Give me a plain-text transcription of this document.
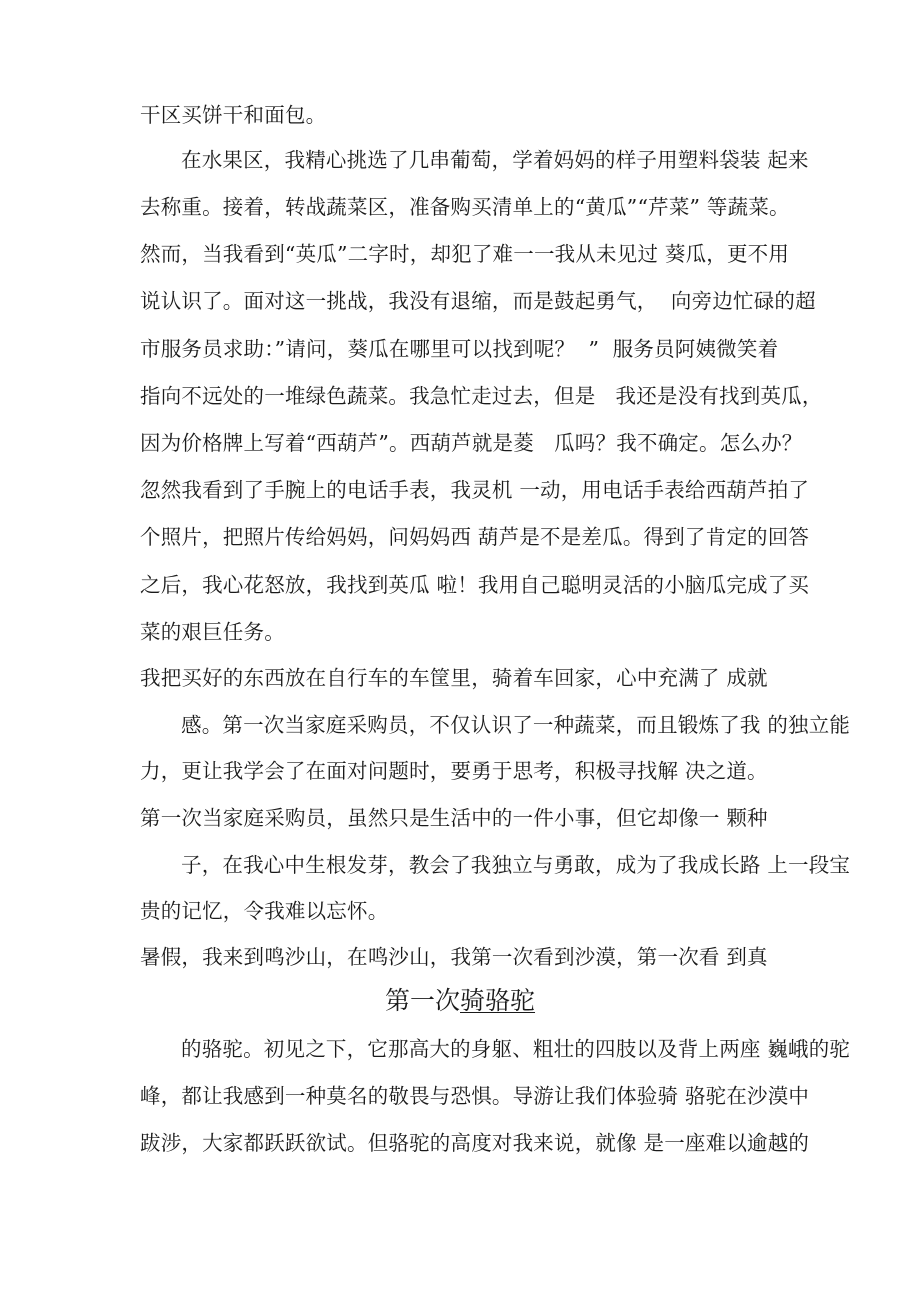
干区买饼干和面包。
在水果区，我精心挑选了几串葡萄，学着妈妈的样子用塑料袋装 起来
去称重。接着，转战蔬菜区，准备购买清单上的“黄瓜”“芹菜” 等蔬菜。
然而，当我看到“英瓜”二字时，却犯了难一一我从未见过 葵瓜，更不用
说认识了。面对这一挑战，我没有退缩，而是鼓起勇气，  向旁边忙碌的超
市服务员求助：”请问，葵瓜在哪里可以找到呢？  ”  服务员阿姨微笑着
指向不远处的一堆绿色蔬菜。我急忙走过去，但是   我还是没有找到英瓜，
因为价格牌上写着“西葫芦”。西葫芦就是菱   瓜吗？我不确定。怎么办？
忽然我看到了手腕上的电话手表，我灵机 一动，用电话手表给西葫芦拍了
个照片，把照片传给妈妈，问妈妈西 葫芦是不是差瓜。得到了肯定的回答
之后，我心花怒放，我找到英瓜 啦！我用自己聪明灵活的小脑瓜完成了买
菜的艰巨任务。
我把买好的东西放在自行车的车筐里，骑着车回家，心中充满了 成就
感。第一次当家庭采购员，不仅认识了一种蔬菜，而且锻炼了我 的独立能
力，更让我学会了在面对问题时，要勇于思考，积极寻找解 决之道。
第一次当家庭采购员，虽然只是生活中的一件小事，但它却像一 颗种
子，在我心中生根发芽，教会了我独立与勇敢，成为了我成长路 上一段宝
贵的记忆，令我难以忘怀。
暑假，我来到鸣沙山，在鸣沙山，我第一次看到沙漠，第一次看 到真
第一次骑骆驼
的骆驼。初见之下，它那高大的身躯、粗壮的四肢以及背上两座 巍峨的驼
峰，都让我感到一种莫名的敬畏与恐惧。导游让我们体验骑 骆驼在沙漠中
跋涉，大家都跃跃欲试。但骆驼的高度对我来说，就像 是一座难以逾越的
